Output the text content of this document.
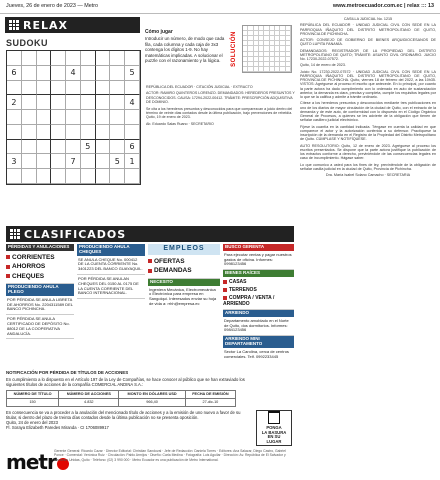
Jueves, 26 de enero de 2023 — Metro	www.metroecuador.com.ec | relax ::: 13
RELAX
SUDOKU
6	4	5
2	4
5	6
3	7	5	1
Cómo jugar
Introducir un número, de modo que cada fila, cada columna y cada caja de 3x3 contenga los dígitos 1-9. No hay matemáticas implicadas. A solucionar el puzzle con el razonamiento y la lógica.	SOLUCIÓN

REPÚBLICA DEL ECUADOR · CITACIÓN JUDICIAL · EXTRACTO

ACTOR: RAMIRO QUINTEROS LORENZO. DEMANDADOS: HEREDEROS PRESUNTOS Y DESCONOCIDOS. CAUSA: 17294-2022-00412. TRÁMITE: PRESCRIPCIÓN ADQUISITIVA DE DOMINIO.

Se cita a los herederos presuntos y desconocidos para que comparezcan a juicio dentro del término de veinte días contados desde la última publicación, bajo prevenciones de rebeldía. Quito, 19 de enero de 2023.

Ab. Eduardo Salas Ruano · SECRETARIO

CASILLA JUDICIAL No. 1215

REPÚBLICA DEL ECUADOR · UNIDAD JUDICIAL CIVIL CON SEDE EN LA PARROQUIA IÑAQUITO DEL DISTRITO METROPOLITANO DE QUITO, PROVINCIA DE PICHINCHA.

ACTOR: CONSEJO DE GOBIERNO DE BIENES ARQUIDIOCESANOS DE QUITO LUPITA FANANÍA.

DEMANDADOS: REGISTRADOR DE LA PROPIEDAD DEL DISTRITO METROPOLITANO DE QUITO; TRÁMITE: ASUNTO CIVIL ORDINARIO. JUICIO No. 17230-2022-07572.

Quito, 14 de enero de 2023.

Juicio No. 17230-2022-07572 · UNIDAD JUDICIAL CIVIL CON SEDE EN LA PARROQUIA IÑAQUITO DEL DISTRITO METROPOLITANO DE QUITO, PROVINCIA DE PICHINCHA. Quito, viernes 18 de febrero del 2022, a las 10h35. VISTOS: Agréguese al proceso el escrito que antecede. En lo principal, por cuanto la parte actora ha dado cumplimiento con lo ordenado en auto de sustanciación anterior, la demanda es clara, precisa y completa, cumple los requisitos legales por lo que se la califica y admite a trámite ordinario.

Cítese a los herederos presuntos y desconocidos mediante tres publicaciones en uno de los diarios de mayor circulación de la ciudad de Quito, con el extracto de la demanda y de este auto, de conformidad con lo dispuesto en el Código Orgánico General de Procesos, a quienes se les advierte de la obligación que tienen de señalar casillero judicial electrónico.

Fíjese la cuantía en la cantidad indicada. Téngase en cuenta la calidad en que comparece el actor y la autorización conferida a su defensor. Practíquese la inscripción de la demanda en el Registro de la Propiedad del Distrito Metropolitano de Quito. CÚMPLASE Y NOTIFÍQUESE.

AUTO RESOLUTORIO: Quito, 12 de enero de 2023. Agréguese al proceso los escritos presentados. Se dispone que la parte actora justifique la publicación de los extractos conforme a derecho, previniéndole de las consecuencias legales en caso de incumplimiento. Hágase saber.

Lo que comunico a usted para los fines de ley, previniéndole de la obligación de señalar casilla judicial en la ciudad de Quito, Provincia de Pichincha.

Dra. María Isabel Solano Camacho · SECRETARIA

CLASIFICADOS
PÉRDIDAS Y ANULACIONES
CORRIENTES
AHORROS
CHEQUES
PRODUCIENDO AHULA PLEGO
POR PÉRDIDA SE ANULA LIBRETA DE AHORROS No. 2204311589 DEL BANCO PICHINCHA.
POR PÉRDIDA SE ANULA CERTIFICADO DE DEPÓSITO No. 88012 DE LA COOPERATIVA ANDALUCÍA.
PRODUCIENDO AHULA CHEQUES
SE ANULA CHEQUE No. 000412 DE LA CUENTA CORRIENTE No. 3401223 DEL BANCO GUAYAQUIL.
POR PÉRDIDA SE ANULAN CHEQUES DEL 0150 AL 0175 DE LA CUENTA CORRIENTE DEL BANCO INTERNACIONAL.
EMPLEOS
OFERTAS
DEMANDAS
NECESITO
Ingeniera Mecánica, Electromecánica o Electrónica para empresa en Sangolquí. Interesados enviar su hoja de vida a: rrhh@empresa.ec
BUSCO GERENTA
Para ejecutar ventas y pagar nuestros gastos de oficina. Informes: 0998123456
BIENES RAÍCES
CASAS
TERRENOS
COMPRA / VENTA / ARRIENDO
ARRIENDO
Departamento amoblado en el Norte de Quito, dos dormitorios. Informes: 0984123456
ARRIENDO MINI DEPARTAMENTO
Sector La Carolina, cerca de centros comerciales. Telf. 0992233445
NOTIFICACIÓN POR PÉRDIDA DE TÍTULOS DE ACCIONES
En cumplimiento a lo dispuesto en el Artículo 197 de la Ley de Compañías, se hace conocer al público que se han extraviado los siguientes títulos de acciones de la compañía COMERCIAL ANDINA S.A.:
NÚMERO DE TÍTULO	NÚMERO DE ACCIONES	MONTO EN DÓLARES USD	FECHA DE EMISIÓN
150	4.832	966,40	27-dic-10
En consecuencia se va a proceder a la anulación del mencionado título de acciones y a la emisión de uno nuevo a favor de su titular, si dentro del plazo de treinta días contados desde la última publicación no se presenta oposición.
Quito, 24 de enero del 2023
Fl. Soraya Elizabeth Paredes Miranda · CI 1706089917	PONGA
LA BASURA
EN SU
LUGAR
metr
Gerente General: Ricardo Cazar · Director Editorial: Christian Sandoval · Jefe de Redacción: Daniela Torres · Editores: Ana Salazar, Diego Castro, Gabriel Ponce · Comercial: Verónica Ruiz · Circulación: Pablo Armijos · Diseño: Carla Medina · Fotografía: Luis Aguilar · Dirección: Av. República de El Salvador y Naciones Unidas, Quito · Teléfono: (02) 3 990 000 · Metro Ecuador es una publicación de Metro International.
